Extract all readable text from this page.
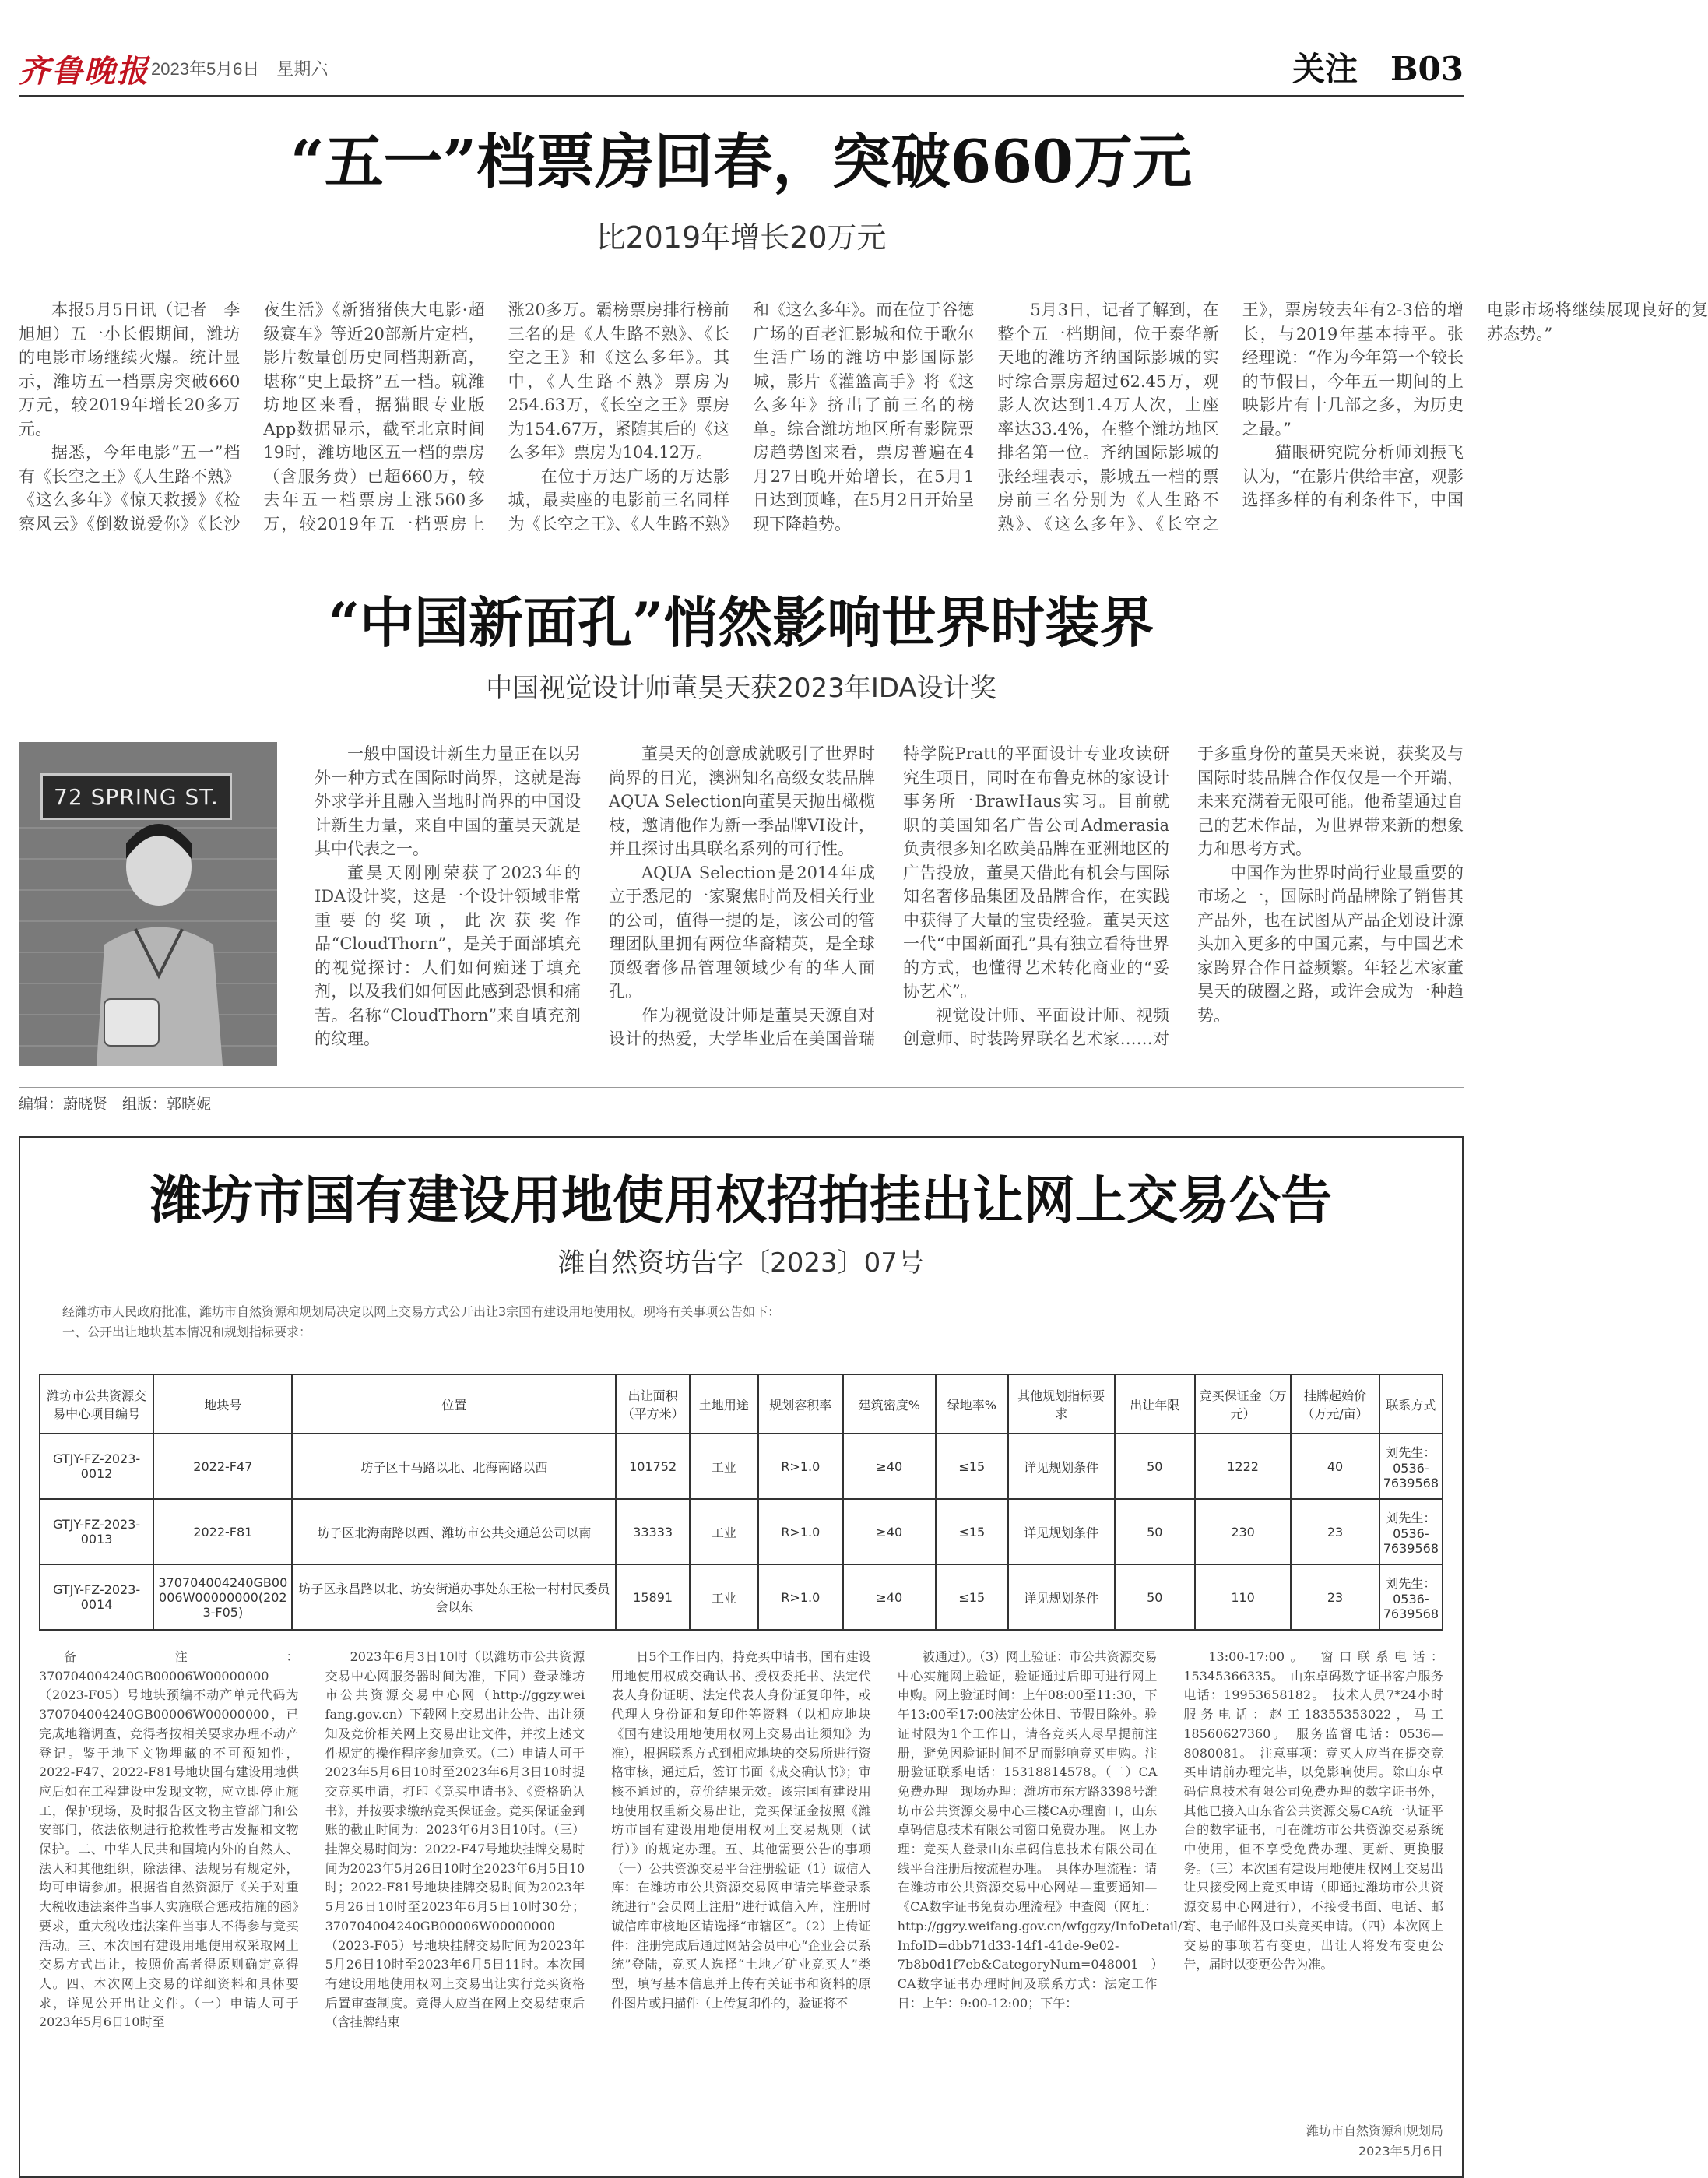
齐鲁晚报 2023年5月6日　星期六	关注　B03
“五一”档票房回春，突破660万元
比2019年增长20万元

本报5月5日讯（记者　李旭旭）五一小长假期间，潍坊的电影市场继续火爆。统计显示，潍坊五一档票房突破660万元，较2019年增长20多万元。

据悉，今年电影“五一”档有《长空之王》《人生路不熟》《这么多年》《惊天救援》《检察风云》《倒数说爱你》《长沙夜生活》《新猪猪侠大电影·超级赛车》等近20部新片定档，影片数量创历史同档期新高，堪称“史上最挤”五一档。就潍坊地区来看，据猫眼专业版App数据显示，截至北京时间19时，潍坊地区五一档的票房（含服务费）已超660万，较去年五一档票房上涨560多万，较2019年五一档票房上涨20多万。霸榜票房排行榜前三名的是《人生路不熟》、《长空之王》和《这么多年》。其中，《人生路不熟》票房为254.63万，《长空之王》票房为154.67万，紧随其后的《这么多年》票房为104.12万。

在位于万达广场的万达影城，最卖座的电影前三名同样为《长空之王》、《人生路不熟》和《这么多年》。而在位于谷德广场的百老汇影城和位于歌尔生活广场的潍坊中影国际影城，影片《灌篮高手》将《这么多年》挤出了前三名的榜单。综合潍坊地区所有影院票房趋势图来看，票房普遍在4月27日晚开始增长，在5月1日达到顶峰，在5月2日开始呈现下降趋势。

5月3日，记者了解到，在整个五一档期间，位于泰华新天地的潍坊齐纳国际影城的实时综合票房超过62.45万，观影人次达到1.4万人次，上座率达33.4%，在整个潍坊地区排名第一位。齐纳国际影城的张经理表示，影城五一档的票房前三名分别为《人生路不熟》、《这么多年》、《长空之王》，票房较去年有2-3倍的增长，与2019年基本持平。张经理说：“作为今年第一个较长的节假日，今年五一期间的上映影片有十几部之多，为历史之最。”

猫眼研究院分析师刘振飞认为，“在影片供给丰富，观影选择多样的有利条件下，中国电影市场将继续展现良好的复苏态势。”

“中国新面孔”悄然影响世界时装界
中国视觉设计师董昊天获2023年IDA设计奖
72 SPRING ST.

一般中国设计新生力量正在以另外一种方式在国际时尚界，这就是海外求学并且融入当地时尚界的中国设计新生力量，来自中国的董昊天就是其中代表之一。

董昊天刚刚荣获了2023年的IDA设计奖，这是一个设计领域非常重要的奖项，此次获奖作品“CloudThorn”，是关于面部填充的视觉探讨：人们如何痴迷于填充剂，以及我们如何因此感到恐惧和痛苦。名称“CloudThorn”来自填充剂的纹理。

董昊天的创意成就吸引了世界时尚界的目光，澳洲知名高级女装品牌AQUA Selection向董昊天抛出橄榄枝，邀请他作为新一季品牌VI设计，并且探讨出具联名系列的可行性。

AQUA Selection是2014年成立于悉尼的一家聚焦时尚及相关行业的公司，值得一提的是，该公司的管理团队里拥有两位华裔精英，是全球顶级奢侈品管理领域少有的华人面孔。

作为视觉设计师是董昊天源自对设计的热爱，大学毕业后在美国普瑞特学院Pratt的平面设计专业攻读研究生项目，同时在布鲁克林的家设计事务所一BrawHaus实习。目前就职的美国知名广告公司Admerasia负责很多知名欧美品牌在亚洲地区的广告投放，董昊天借此有机会与国际知名奢侈品集团及品牌合作，在实践中获得了大量的宝贵经验。董昊天这一代“中国新面孔”具有独立看待世界的方式，也懂得艺术转化商业的“妥协艺术”。

视觉设计师、平面设计师、视频创意师、时装跨界联名艺术家……对于多重身份的董昊天来说，获奖及与国际时装品牌合作仅仅是一个开端，未来充满着无限可能。他希望通过自己的艺术作品，为世界带来新的想象力和思考方式。

中国作为世界时尚行业最重要的市场之一，国际时尚品牌除了销售其产品外，也在试图从产品企划设计源头加入更多的中国元素，与中国艺术家跨界合作日益频繁。年轻艺术家董昊天的破圈之路，或许会成为一种趋势。

编辑：蔚晓贤　组版：郭晓妮
潍坊市国有建设用地使用权招拍挂出让网上交易公告
潍自然资坊告字〔2023〕07号
经潍坊市人民政府批准，潍坊市自然资源和规划局决定以网上交易方式公开出让3宗国有建设用地使用权。现将有关事项公告如下：
一、公开出让地块基本情况和规划指标要求：
潍坊市公共资源交易中心项目编号	地块号	位置	出让面积（平方米）	土地用途	规划容积率	建筑密度%	绿地率%	其他规划指标要求	出让年限	竞买保证金（万元）	挂牌起始价（万元/亩）	联系方式
GTJY-FZ-2023-0012	2022-F47	坊子区十马路以北、北海南路以西	101752	工业	R>1.0	≥40	≤15	详见规划条件	50	1222	40	刘先生：0536-7639568
GTJY-FZ-2023-0013	2022-F81	坊子区北海南路以西、潍坊市公共交通总公司以南	33333	工业	R>1.0	≥40	≤15	详见规划条件	50	230	23	刘先生：0536-7639568
GTJY-FZ-2023-0014	370704004240GB00006W00000000(2023-F05)	坊子区永昌路以北、坊安街道办事处东王松一村村民委员会以东	15891	工业	R>1.0	≥40	≤15	详见规划条件	50	110	23	刘先生：0536-7639568

备注：370704004240GB00006W00000000（2023-F05）号地块预编不动产单元代码为370704004240GB00006W00000000，已完成地籍调查，竞得者按相关要求办理不动产登记。鉴于地下文物埋藏的不可预知性，2022-F47、2022-F81号地块国有建设用地供应后如在工程建设中发现文物，应立即停止施工，保护现场，及时报告区文物主管部门和公安部门，依法依规进行抢救性考古发掘和文物保护。二、中华人民共和国境内外的自然人、法人和其他组织，除法律、法规另有规定外，均可申请参加。根据省自然资源厅《关于对重大税收违法案件当事人实施联合惩戒措施的函》要求，重大税收违法案件当事人不得参与竞买活动。三、本次国有建设用地使用权采取网上交易方式出让，按照价高者得原则确定竞得人。四、本次网上交易的详细资料和具体要求，详见公开出让文件。（一）申请人可于2023年5月6日10时至

2023年6月3日10时（以潍坊市公共资源交易中心网服务器时间为准，下同）登录潍坊市公共资源交易中心网（http://ggzy.wei fang.gov.cn）下载网上交易出让公告、出让须知及竞价相关网上交易出让文件，并按上述文件规定的操作程序参加竞买。（二）申请人可于2023年5月6日10时至2023年6月3日10时提交竞买申请，打印《竞买申请书》、《资格确认书》，并按要求缴纳竞买保证金。竞买保证金到账的截止时间为：2023年6月3日10时。（三）挂牌交易时间为：2022-F47号地块挂牌交易时间为2023年5月26日10时至2023年6月5日10时；2022-F81号地块挂牌交易时间为2023年5月26日10时至2023年6月5日10时30分；370704004240GB00006W00000000（2023-F05）号地块挂牌交易时间为2023年5月26日10时至2023年6月5日11时。本次国有建设用地使用权网上交易出让实行竞买资格后置审查制度。竞得人应当在网上交易结束后（含挂牌结束

日5个工作日内，持竞买申请书，国有建设用地使用权成交确认书、授权委托书、法定代表人身份证明、法定代表人身份证复印件，或代理人身份证和复印件等资料（以相应地块《国有建设用地使用权网上交易出让须知》为准），根据联系方式到相应地块的交易所进行资格审核，通过后，签订书面《成交确认书》；审核不通过的，竞价结果无效。该宗国有建设用地使用权重新交易出让，竞买保证金按照《潍坊市国有建设用地使用权网上交易规则（试行）》的规定办理。五、其他需要公告的事项（一）公共资源交易平台注册验证（1）诚信入库：在潍坊市公共资源交易网申请完毕登录系统进行“会员网上注册”进行诚信入库，注册时诚信库审核地区请选择“市辖区”。（2）上传证件：注册完成后通过网站会员中心“企业会员系统”登陆，竞买人选择“土地／矿业竞买人”类型，填写基本信息并上传有关证书和资料的原件图片或扫描件（上传复印件的，验证将不

被通过）。（3）网上验证：市公共资源交易中心实施网上验证，验证通过后即可进行网上申购。网上验证时间：上午08:00至11:30，下午13:00至17:00法定公休日、节假日除外。验证时限为1个工作日，请各竞买人尽早提前注册，避免因验证时间不足而影响竞买申购。注册验证联系电话：15318814578。（二）CA免费办理　现场办理：潍坊市东方路3398号潍坊市公共资源交易中心三楼CA办理窗口，山东卓码信息技术有限公司窗口免费办理。　网上办理：竞买人登录山东卓码信息技术有限公司在线平台注册后按流程办理。　具体办理流程：请在潍坊市公共资源交易中心网站—重要通知—《CA数字证书免费办理流程》中查阅（网址：http://ggzy.weifang.gov.cn/wfggzy/InfoDetail/?InfoID=dbb71d33-14f1-41de-9e02-7b8b0d1f7eb&CategoryNum=048001）　CA数字证书办理时间及联系方式：法定工作日：上午：9:00-12:00；下午：

13:00-17:00。　窗口联系电话：15345366335。　山东卓码数字证书客户服务电话：19953658182。　技术人员7*24小时服务电话：赵工18355353022，马工18560627360。　服务监督电话：0536—8080081。　注意事项：竞买人应当在提交竞买申请前办理完毕，以免影响使用。除山东卓码信息技术有限公司免费办理的数字证书外，其他已接入山东省公共资源交易CA统一认证平台的数字证书，可在潍坊市公共资源交易系统中使用，但不享受免费办理、更新、更换服务。（三）本次国有建设用地使用权网上交易出让只接受网上竞买申请（即通过潍坊市公共资源交易中心网进行），不接受书面、电话、邮寄、电子邮件及口头竞买申请。（四）本次网上交易的事项若有变更，出让人将发布变更公告，届时以变更公告为准。

潍坊市自然资源和规划局
2023年5月6日
